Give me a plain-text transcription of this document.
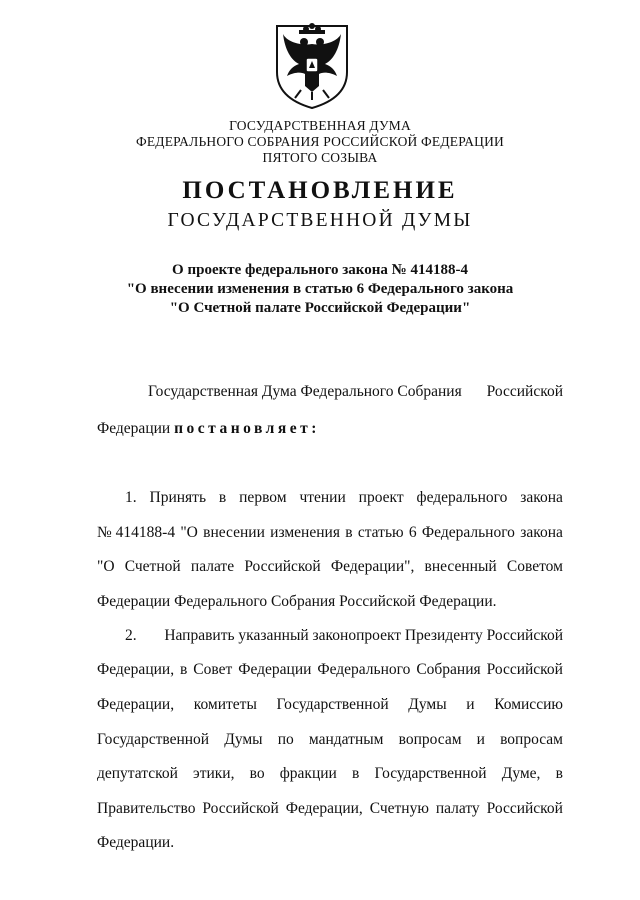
ГОСУДАРСТВЕННАЯ ДУМА
ФЕДЕРАЛЬНОГО СОБРАНИЯ РОССИЙСКОЙ ФЕДЕРАЦИИ
ПЯТОГО СОЗЫВА
ПОСТАНОВЛЕНИЕ
ГОСУДАРСТВЕННОЙ ДУМЫ
О проекте федерального закона № 414188-4
"О внесении изменения в статью 6 Федерального закона
"О Счетной палате Российской Федерации"
Государственная Дума Федерального Собрания Российской
Федерации постановляет:
1. Принять в первом чтении проект федерального закона
№ 414188-4 "О внесении изменения в статью 6 Федерального закона
"О Счетной палате Российской Федерации", внесенный Советом
Федерации Федерального Собрания Российской Федерации.
2. Направить указанный законопроект Президенту Российской
Федерации, в Совет Федерации Федерального Собрания Российской
Федерации, комитеты Государственной Думы и Комиссию
Государственной Думы по мандатным вопросам и вопросам
депутатской этики, во фракции в Государственной Думе, в
Правительство Российской Федерации, Счетную палату Российской
Федерации.
